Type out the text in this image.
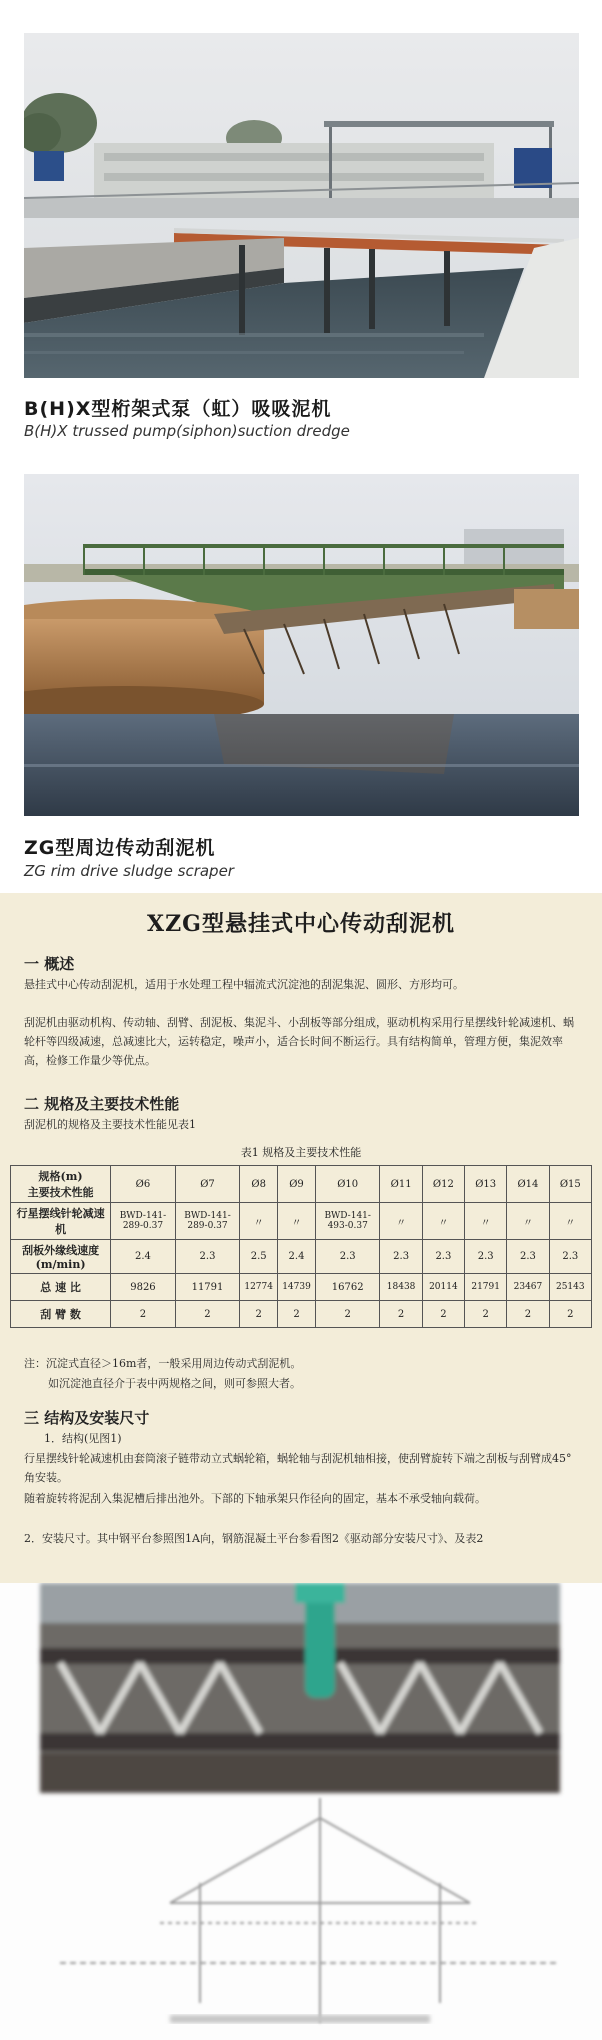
B(H)X型桁架式泵（虹）吸吸泥机
B(H)X trussed pump(siphon)suction dredge
ZG型周边传动刮泥机
ZG rim drive sludge scraper
XZG型悬挂式中心传动刮泥机
一 概述
悬挂式中心传动刮泥机，适用于水处理工程中辐流式沉淀池的刮泥集泥、圆形、方形均可。
刮泥机由驱动机构、传动轴、刮臂、刮泥板、集泥斗、小刮板等部分组成，驱动机构采用行星摆线针轮减速机、蜗轮杆等四级减速，总减速比大，运转稳定，噪声小，适合长时间不断运行。具有结构简单，管理方便，集泥效率高，检修工作量少等优点。
二 规格及主要技术性能
刮泥机的规格及主要技术性能见表1
表1 规格及主要技术性能
规格(m)
主要技术性能	Ø6	Ø7	Ø8	Ø9	Ø10	Ø11	Ø12	Ø13	Ø14	Ø15
行星摆线针轮减速机	BWD-141-289-0.37	BWD-141-289-0.37	〃	〃	BWD-141-493-0.37	〃	〃	〃	〃	〃
刮板外缘线速度(m/min)	2.4	2.3	2.5	2.4	2.3	2.3	2.3	2.3	2.3	2.3
总 速 比	9826	11791	12774	14739	16762	18438	20114	21791	23467	25143
刮 臂 数	2	2	2	2	2	2	2	2	2	2
注：沉淀式直径＞16m者，一般采用周边传动式刮泥机。
如沉淀池直径介于表中两规格之间，则可参照大者。
三 结构及安装尺寸
1．结构(见图1)
行星摆线针轮减速机由套筒滚子链带动立式蜗轮箱，蜗轮轴与刮泥机轴相接，使刮臂旋转下端之刮板与刮臂成45°角安装。
随着旋转将泥刮入集泥槽后排出池外。下部的下轴承架只作径向的固定，基本不承受轴向载荷。
2．安装尺寸。其中钢平台参照图1A向，钢筋混凝土平台参看图2《驱动部分安装尺寸》、及表2
